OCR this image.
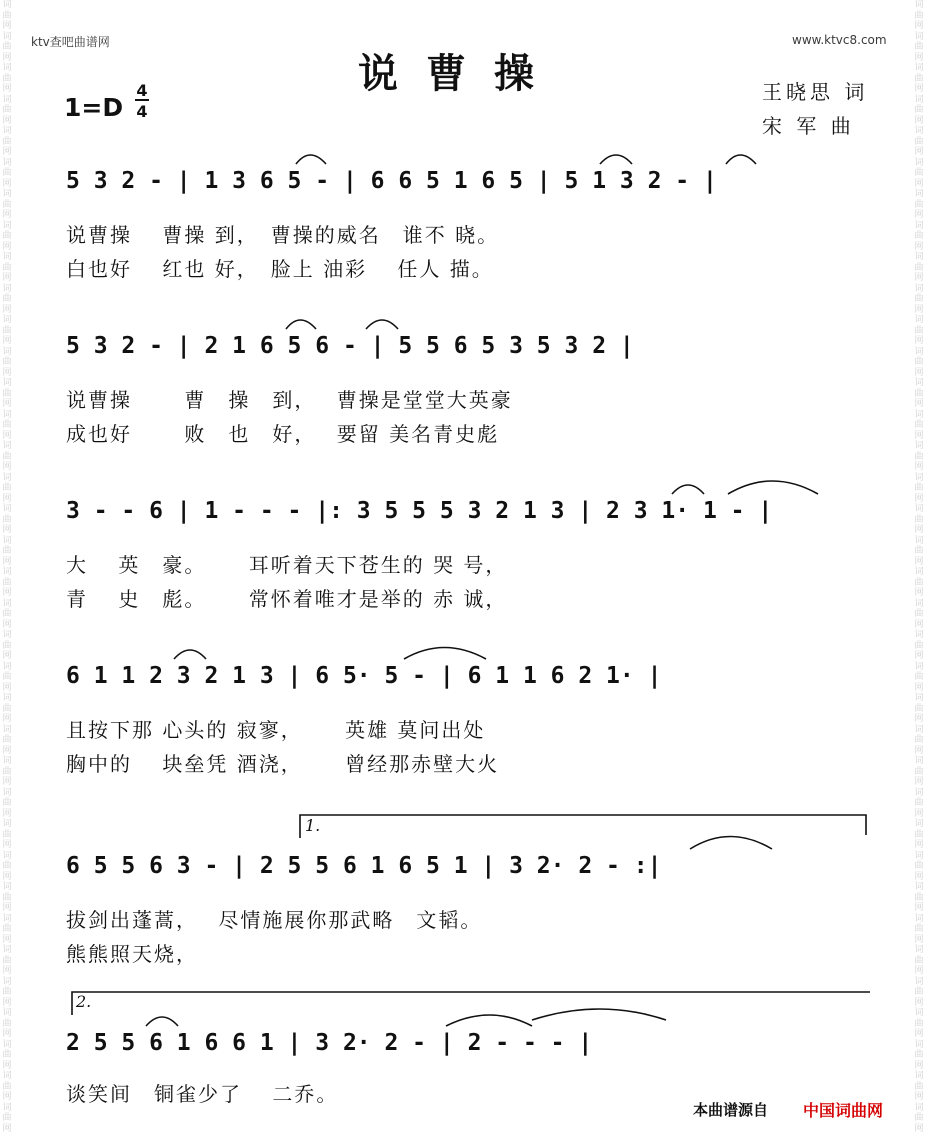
词曲网词曲网词曲网词曲网词曲网词曲网词曲网词曲网词曲网词曲网词曲网词曲网词曲网词曲网词曲网词曲网词曲网词曲网词曲网词曲网词曲网词曲网词曲网词曲网词曲网词曲网词曲网词曲网词曲网词曲网词曲网词曲网词曲网词曲网词曲网词曲网
词曲网词曲网词曲网词曲网词曲网词曲网词曲网词曲网词曲网词曲网词曲网词曲网词曲网词曲网词曲网词曲网词曲网词曲网词曲网词曲网词曲网词曲网词曲网词曲网词曲网词曲网词曲网词曲网词曲网词曲网词曲网词曲网词曲网词曲网词曲网词曲网
ktv查吧曲谱网	www.ktvc8.com
说曹操	王晓思 词
宋 军 曲
1=D
4
4
5 3 2 - | 1 3 6 5 - | 6 6 5 1 6 5 | 5 1 3 2 - |
说曹操　 曹操 到，　曹操的威名　谁不 晓。
白也好　 红也 好，　脸上 油彩　 任人 描。
5 3 2 - | 2 1 6 5 6 - | 5 5 6 5 3 5 3 2 |
说曹操　　 曹　操　到，　 曹操是堂堂大英豪
成也好　　 败　也　好，　 要留 美名青史彪
3 - - 6 | 1 - - - |: 3 5 5 5 3 2 1 3 | 2 3 1· 1 - |
大　 英　豪。　　 耳听着天下苍生的 哭 号，
青　 史　彪。　　 常怀着唯才是举的 赤 诚，
6 1 1 2 3 2 1 3 | 6 5· 5 - | 6 1 1 6 2 1· |
且按下那 心头的 寂寥，　　 英雄 莫问出处
胸中的　 块垒凭 酒浇，　　 曾经那赤壁大火
1.
6 5 5 6 3 - | 2 5 5 6 1 6 5 1 | 3 2· 2 - :|
拔剑出蓬蒿，　 尽情施展你那武略　文韬。
熊熊照天烧，
2.
2 5 5 6 1 6 6 1 | 3 2· 2 - | 2 - - - |
谈笑间　铜雀少了　 二乔。
本曲谱源自 中国词曲网
